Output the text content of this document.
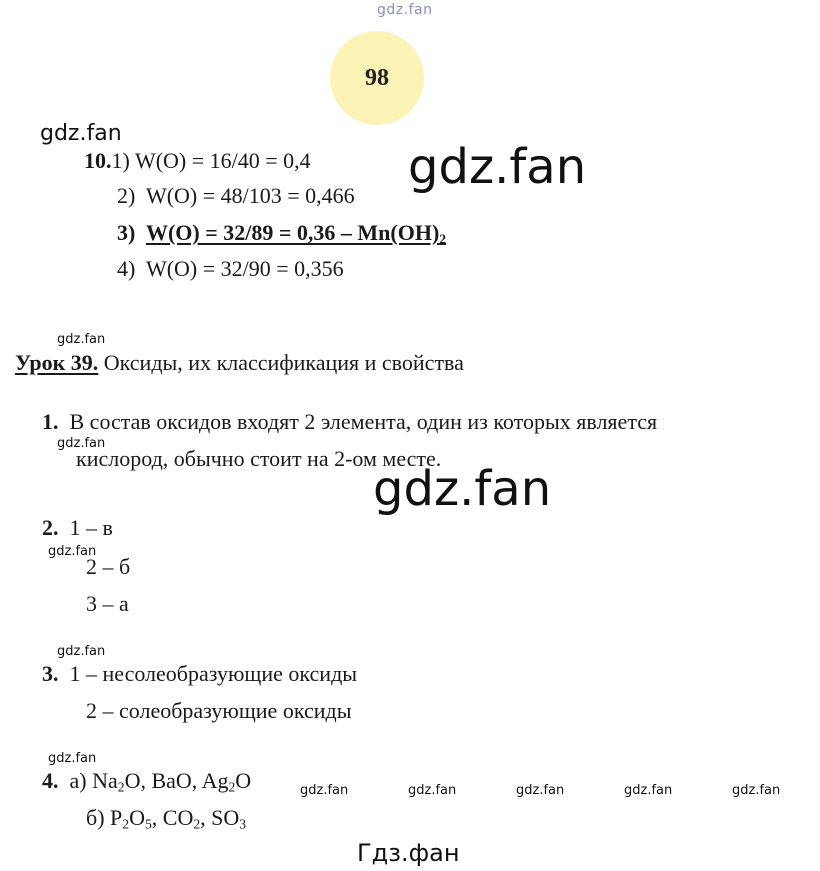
gdz.fan
98
gdz.fan
gdz.fan
10.1) W(O) = 16/40 = 0,4
2) W(O) = 48/103 = 0,466
3) $W(O) = 32/89 = 0,36 - Mn(OH)_2$
4) W(O) = 32/90 = 0,356
gdz.fan
Урок 39. Оксиды, их классификация и свойства
1. В состав оксидов входят 2 элемента, один из которых является
gdz.fan
кислород, обычно стоит на 2-ом месте.
gdz.fan
2. 1 – в
gdz.fan
2 – б
3 – а
gdz.fan
3. 1 – несолеобразующие оксиды
2 – солеобразующие оксиды
gdz.fan
4. а) $Na_2O$, BaO, $Ag_2O$	gdz.fan	gdz.fan	gdz.fan	gdz.fan	gdz.fan
б) $P_2O_5$, $CO_2$, $SO_3$
Гдз.фан
